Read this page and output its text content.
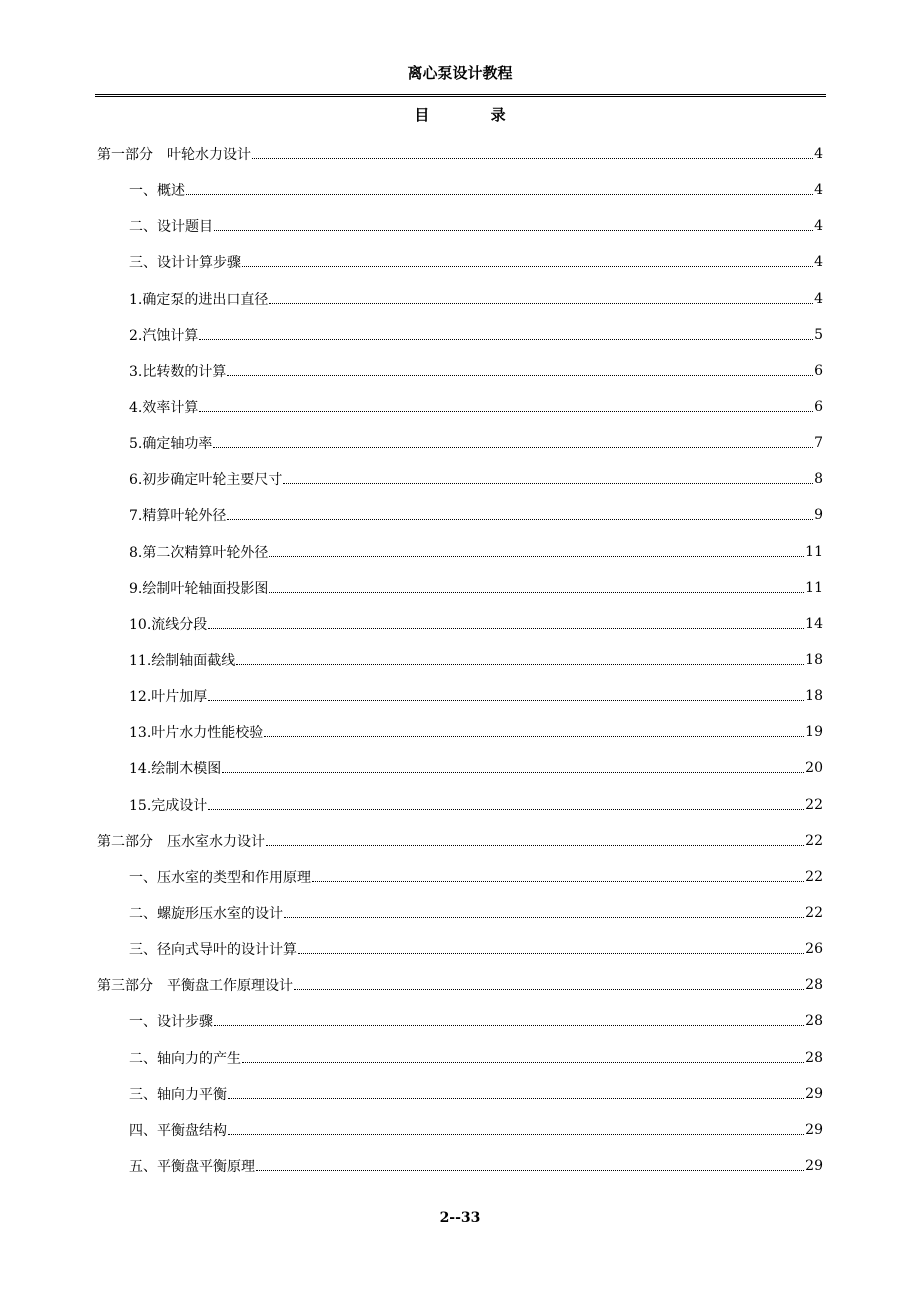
离心泵设计教程
目 录
第一部分　叶轮水力设计	4
一、概述	4
二、设计题目	4
三、设计计算步骤	4
1.确定泵的进出口直径	4
2.汽蚀计算	5
3.比转数的计算	6
4.效率计算	6
5.确定轴功率	7
6.初步确定叶轮主要尺寸	8
7.精算叶轮外径	9
8.第二次精算叶轮外径	11
9.绘制叶轮轴面投影图	11
10.流线分段	14
11.绘制轴面截线	18
12.叶片加厚	18
13.叶片水力性能校验	19
14.绘制木模图	20
15.完成设计	22
第二部分　压水室水力设计	22
一、压水室的类型和作用原理	22
二、螺旋形压水室的设计	22
三、径向式导叶的设计计算	26
第三部分　平衡盘工作原理设计	28
一、设计步骤	28
二、轴向力的产生	28
三、轴向力平衡	29
四、平衡盘结构	29
五、平衡盘平衡原理	29
2--33
